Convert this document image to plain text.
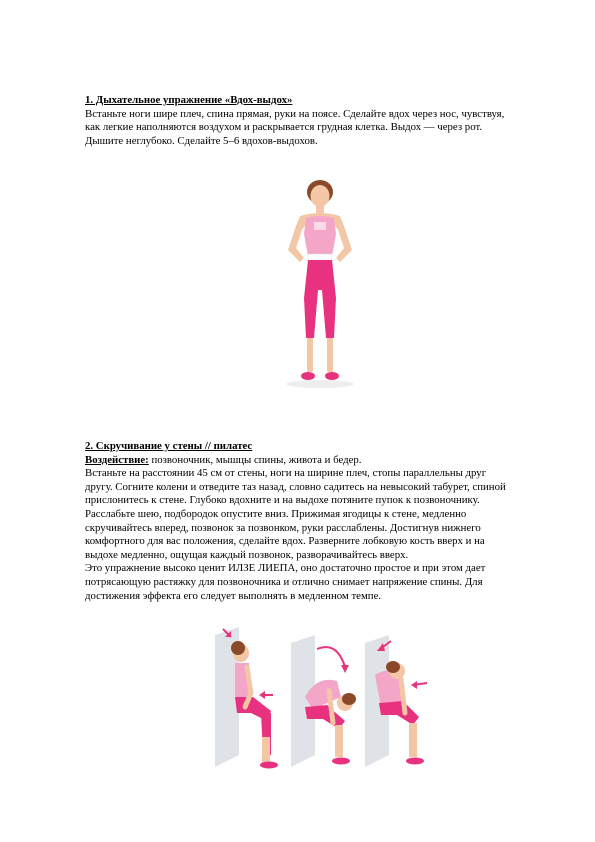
1. Дыхательное упражнение «Вдох-выдох»

Встаньте ноги шире плеч, спина прямая, руки на поясе. Сделайте вдох через нос, чувствуя,

как легкие наполняются воздухом и раскрывается грудная клетка. Выдох — через рот.

Дышите неглубоко. Сделайте 5–6 вдохов-выдохов.

2. Скручивание у стены // пилатес

Воздействие: позвоночник, мышцы спины, живота и бедер.

Встаньте на расстоянии 45 см от стены, ноги на ширине плеч, стопы параллельны друг

другу. Согните колени и отведите таз назад, словно садитесь на невысокий табурет, спиной

прислонитесь к стене. Глубоко вдохните и на выдохе потяните пупок к позвоночнику.

Расслабьте шею, подбородок опустите вниз. Прижимая ягодицы к стене, медленно

скручивайтесь вперед, позвонок за позвонком, руки расслаблены. Достигнув нижнего

комфортного для вас положения, сделайте вдох. Разверните лобковую кость вверх и на

выдохе медленно, ощущая каждый позвонок, разворачивайтесь вверх.

Это упражнение высоко ценит ИЛЗЕ ЛИЕПА, оно достаточно простое и при этом дает

потрясающую растяжку для позвоночника и отлично снимает напряжение спины. Для

достижения эффекта его следует выполнять в медленном темпе.
